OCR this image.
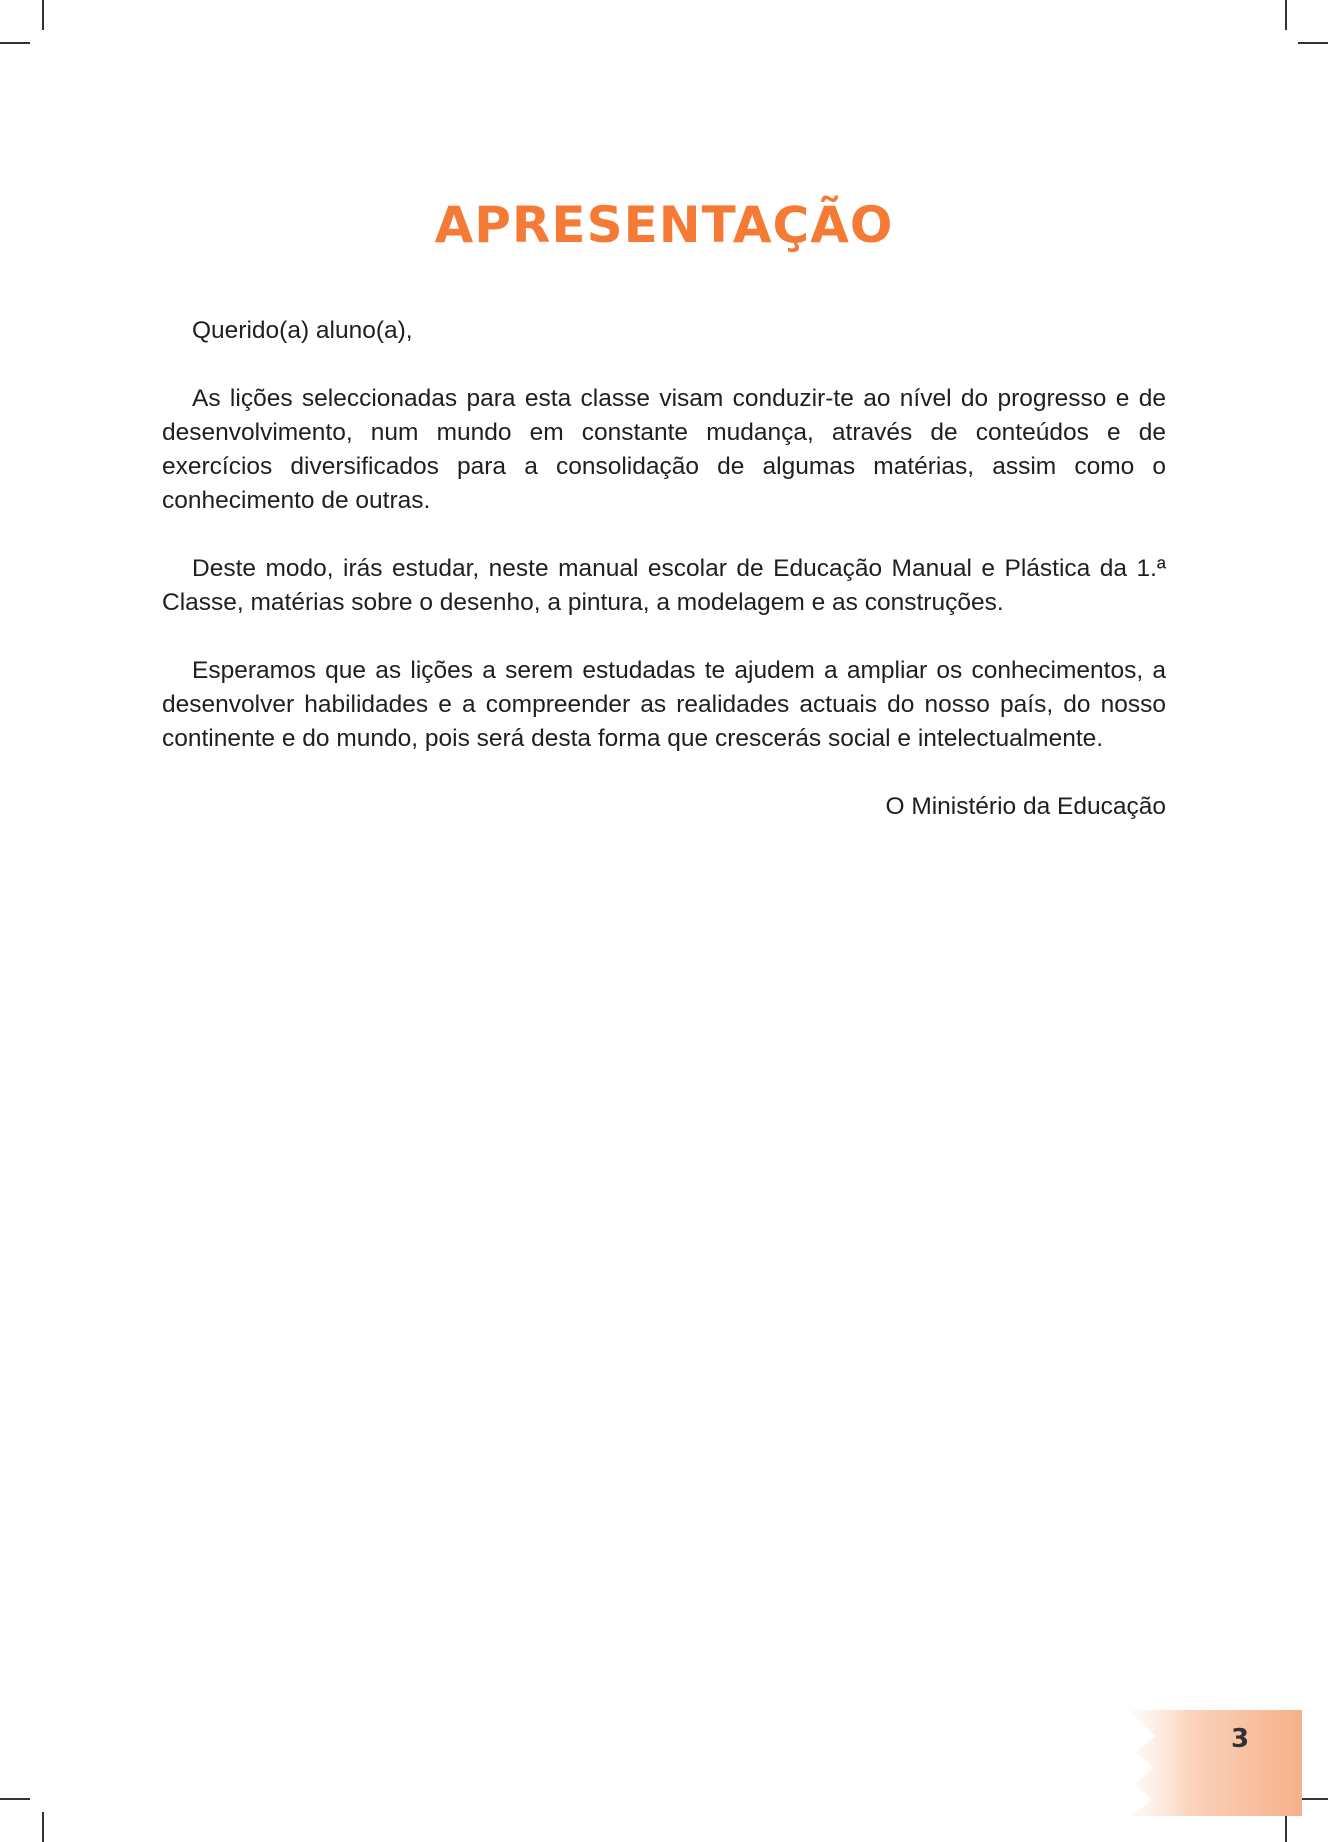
APRESENTAÇÃO

Querido(a) aluno(a),

As lições seleccionadas para esta classe visam conduzir-te ao nível do progresso e de desenvolvimento, num mundo em constante mudança, através de conteúdos e de exercícios diversificados para a consolidação de algumas matérias, assim como o conhecimento de outras.

Deste modo, irás estudar, neste manual escolar de Educação Manual e Plástica da 1.ª Classe, matérias sobre o desenho, a pintura, a modelagem e as construções.

Esperamos que as lições a serem estudadas te ajudem a ampliar os conhecimentos, a desenvolver habilidades e a compreender as realidades actuais do nosso país, do nosso continente e do mundo, pois será desta forma que crescerás social e intelectualmente.

O Ministério da Educação

3
